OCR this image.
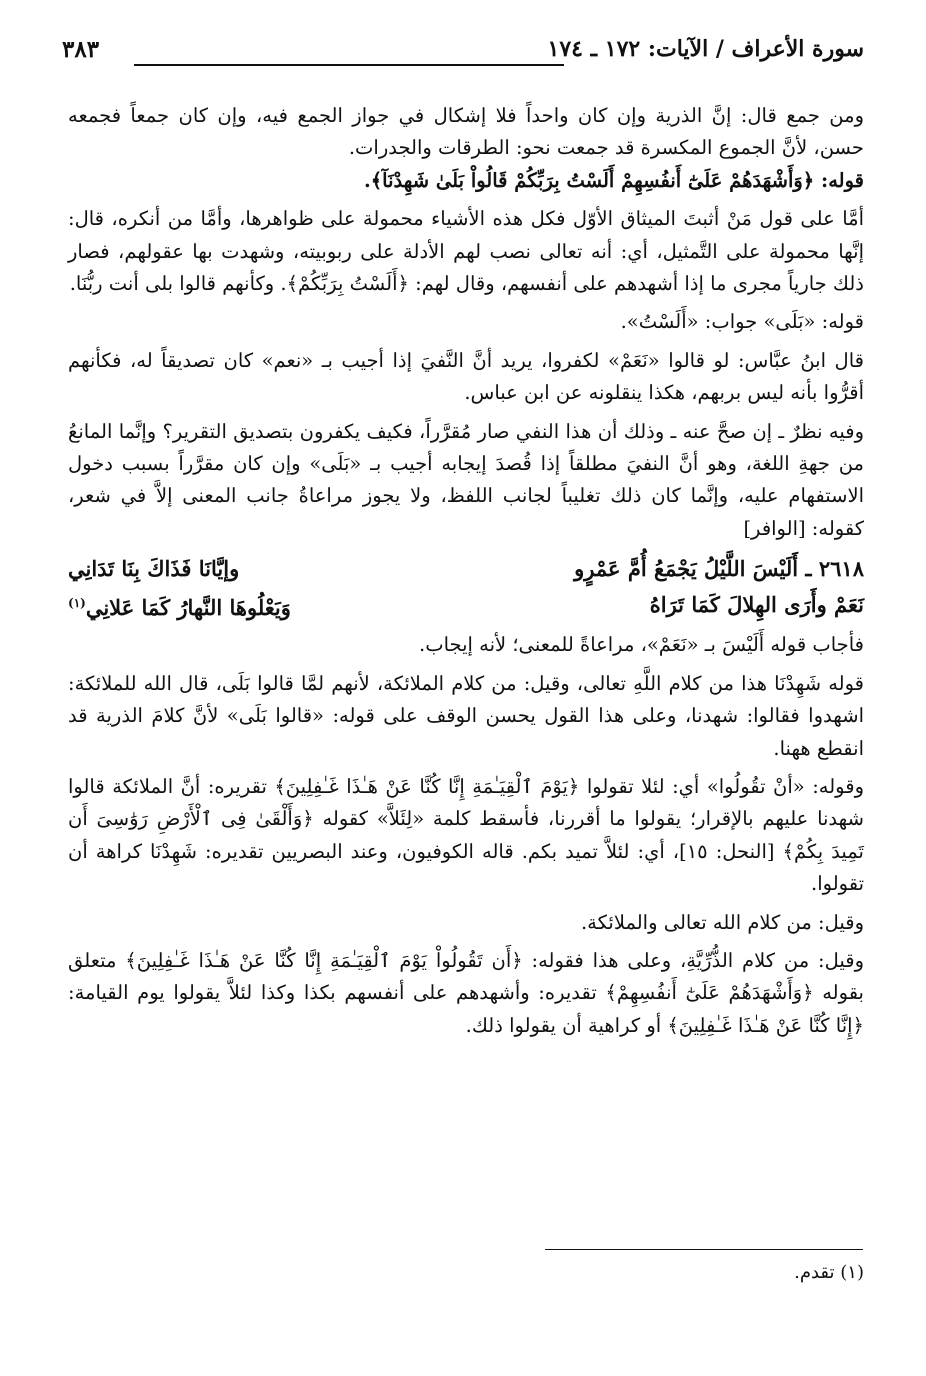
سورة الأعراف / الآيات: ١٧٢ ـ ١٧٤
٣٨٣

ومن جمع قال: إنَّ الذرية وإن كان واحداً فلا إشكال في جواز الجمع فيه، وإن كان جمعاً فجمعه حسن، لأنَّ الجموع المكسرة قد جمعت نحو: الطرقات والجدرات.

قوله: ﴿وَأَشْهَدَهُمْ عَلَىٰٓ أَنفُسِهِمْ أَلَسْتُ بِرَبِّكُمْ قَالُواْ بَلَىٰ شَهِدْنَآ﴾.

أمَّا على قول مَنْ أثبتَ الميثاق الأوّل فكل هذه الأشياء محمولة على ظواهرها، وأمَّا من أنكره، قال: إنَّها محمولة على التَّمثيل، أي: أنه تعالى نصب لهم الأدلة على ربوبيته، وشهدت بها عقولهم، فصار ذلك جارياً مجرى ما إذا أشهدهم على أنفسهم، وقال لهم: ﴿أَلَسْتُ بِرَبِّكُمْ﴾. وكأنهم قالوا بلى أنت ربُّنَا.

قوله: «بَلَى» جواب: «أَلَسْتُ».

قال ابنُ عبَّاس: لو قالوا «نَعَمْ» لكفروا، يريد أنَّ النَّفيَ إذا أجيب بـ «نعم» كان تصديقاً له، فكأنهم أقرُّوا بأنه ليس بربهم، هكذا ينقلونه عن ابن عباس.

وفيه نظرٌ ـ إن صحَّ عنه ـ وذلك أن هذا النفي صار مُقرَّراً، فكيف يكفرون بتصديق التقرير؟ وإنَّما المانعُ من جهةِ اللغة، وهو أنَّ النفيَ مطلقاً إذا قُصدَ إيجابه أجيب بـ «بَلَى» وإن كان مقرَّراً بسبب دخول الاستفهام عليه، وإنَّما كان ذلك تغليباً لجانب اللفظ، ولا يجوز مراعاةُ جانب المعنى إلاَّ في شعر، كقوله: [الوافر]

٢٦١٨ ـ أَلَيْسَ اللَّيْلُ يَجْمَعُ أُمَّ عَمْرٍو
وإيَّانَا فَذَاكَ بِنَا تَدَانِي
نَعَمْ وأَرَى الهِلالَ كَمَا تَرَاهُ
وَيَعْلُوهَا النَّهارُ كَمَا عَلانِي$^{(١)}$

فأجاب قوله أَلَيْسَ بـ «نَعَمْ»، مراعاةً للمعنى؛ لأنه إيجاب.

قوله شَهِدْنَا هذا من كلام اللَّهِ تعالى، وقيل: من كلام الملائكة، لأنهم لمَّا قالوا بَلَى، قال الله للملائكة: اشهدوا فقالوا: شهدنا، وعلى هذا القول يحسن الوقف على قوله: «قالوا بَلَى» لأنَّ كلامَ الذرية قد انقطع ههنا.

وقوله: «أنْ تقُولُوا» أي: لئلا تقولوا ﴿يَوْمَ ٱلْقِيَـٰمَةِ إِنَّا كُنَّا عَنْ هَـٰذَا غَـٰفِلِينَ﴾ تقريره: أنَّ الملائكة قالوا شهدنا عليهم بالإقرار؛ يقولوا ما أقررنا، فأسقط كلمة «لِئَلاَّ» كقوله ﴿وَأَلْقَىٰ فِى ٱلْأَرْضِ رَوَٰسِىَ أَن تَمِيدَ بِكُمْ﴾ [النحل: ١٥]، أي: لئلاَّ تميد بكم. قاله الكوفيون، وعند البصريين تقديره: شَهِدْنَا كراهة أن تقولوا.

وقيل: من كلام الله تعالى والملائكة.

وقيل: من كلام الذُّرِّيَّةِ، وعلى هذا فقوله: ﴿أَن تَقُولُواْ يَوْمَ ٱلْقِيَـٰمَةِ إِنَّا كُنَّا عَنْ هَـٰذَا غَـٰفِلِينَ﴾ متعلق بقوله ﴿وَأَشْهَدَهُمْ عَلَىٰٓ أَنفُسِهِمْ﴾ تقديره: وأشهدهم على أنفسهم بكذا وكذا لئلاَّ يقولوا يوم القيامة: ﴿إِنَّا كُنَّا عَنْ هَـٰذَا غَـٰفِلِينَ﴾ أو كراهية أن يقولوا ذلك.

(١) تقدم.
